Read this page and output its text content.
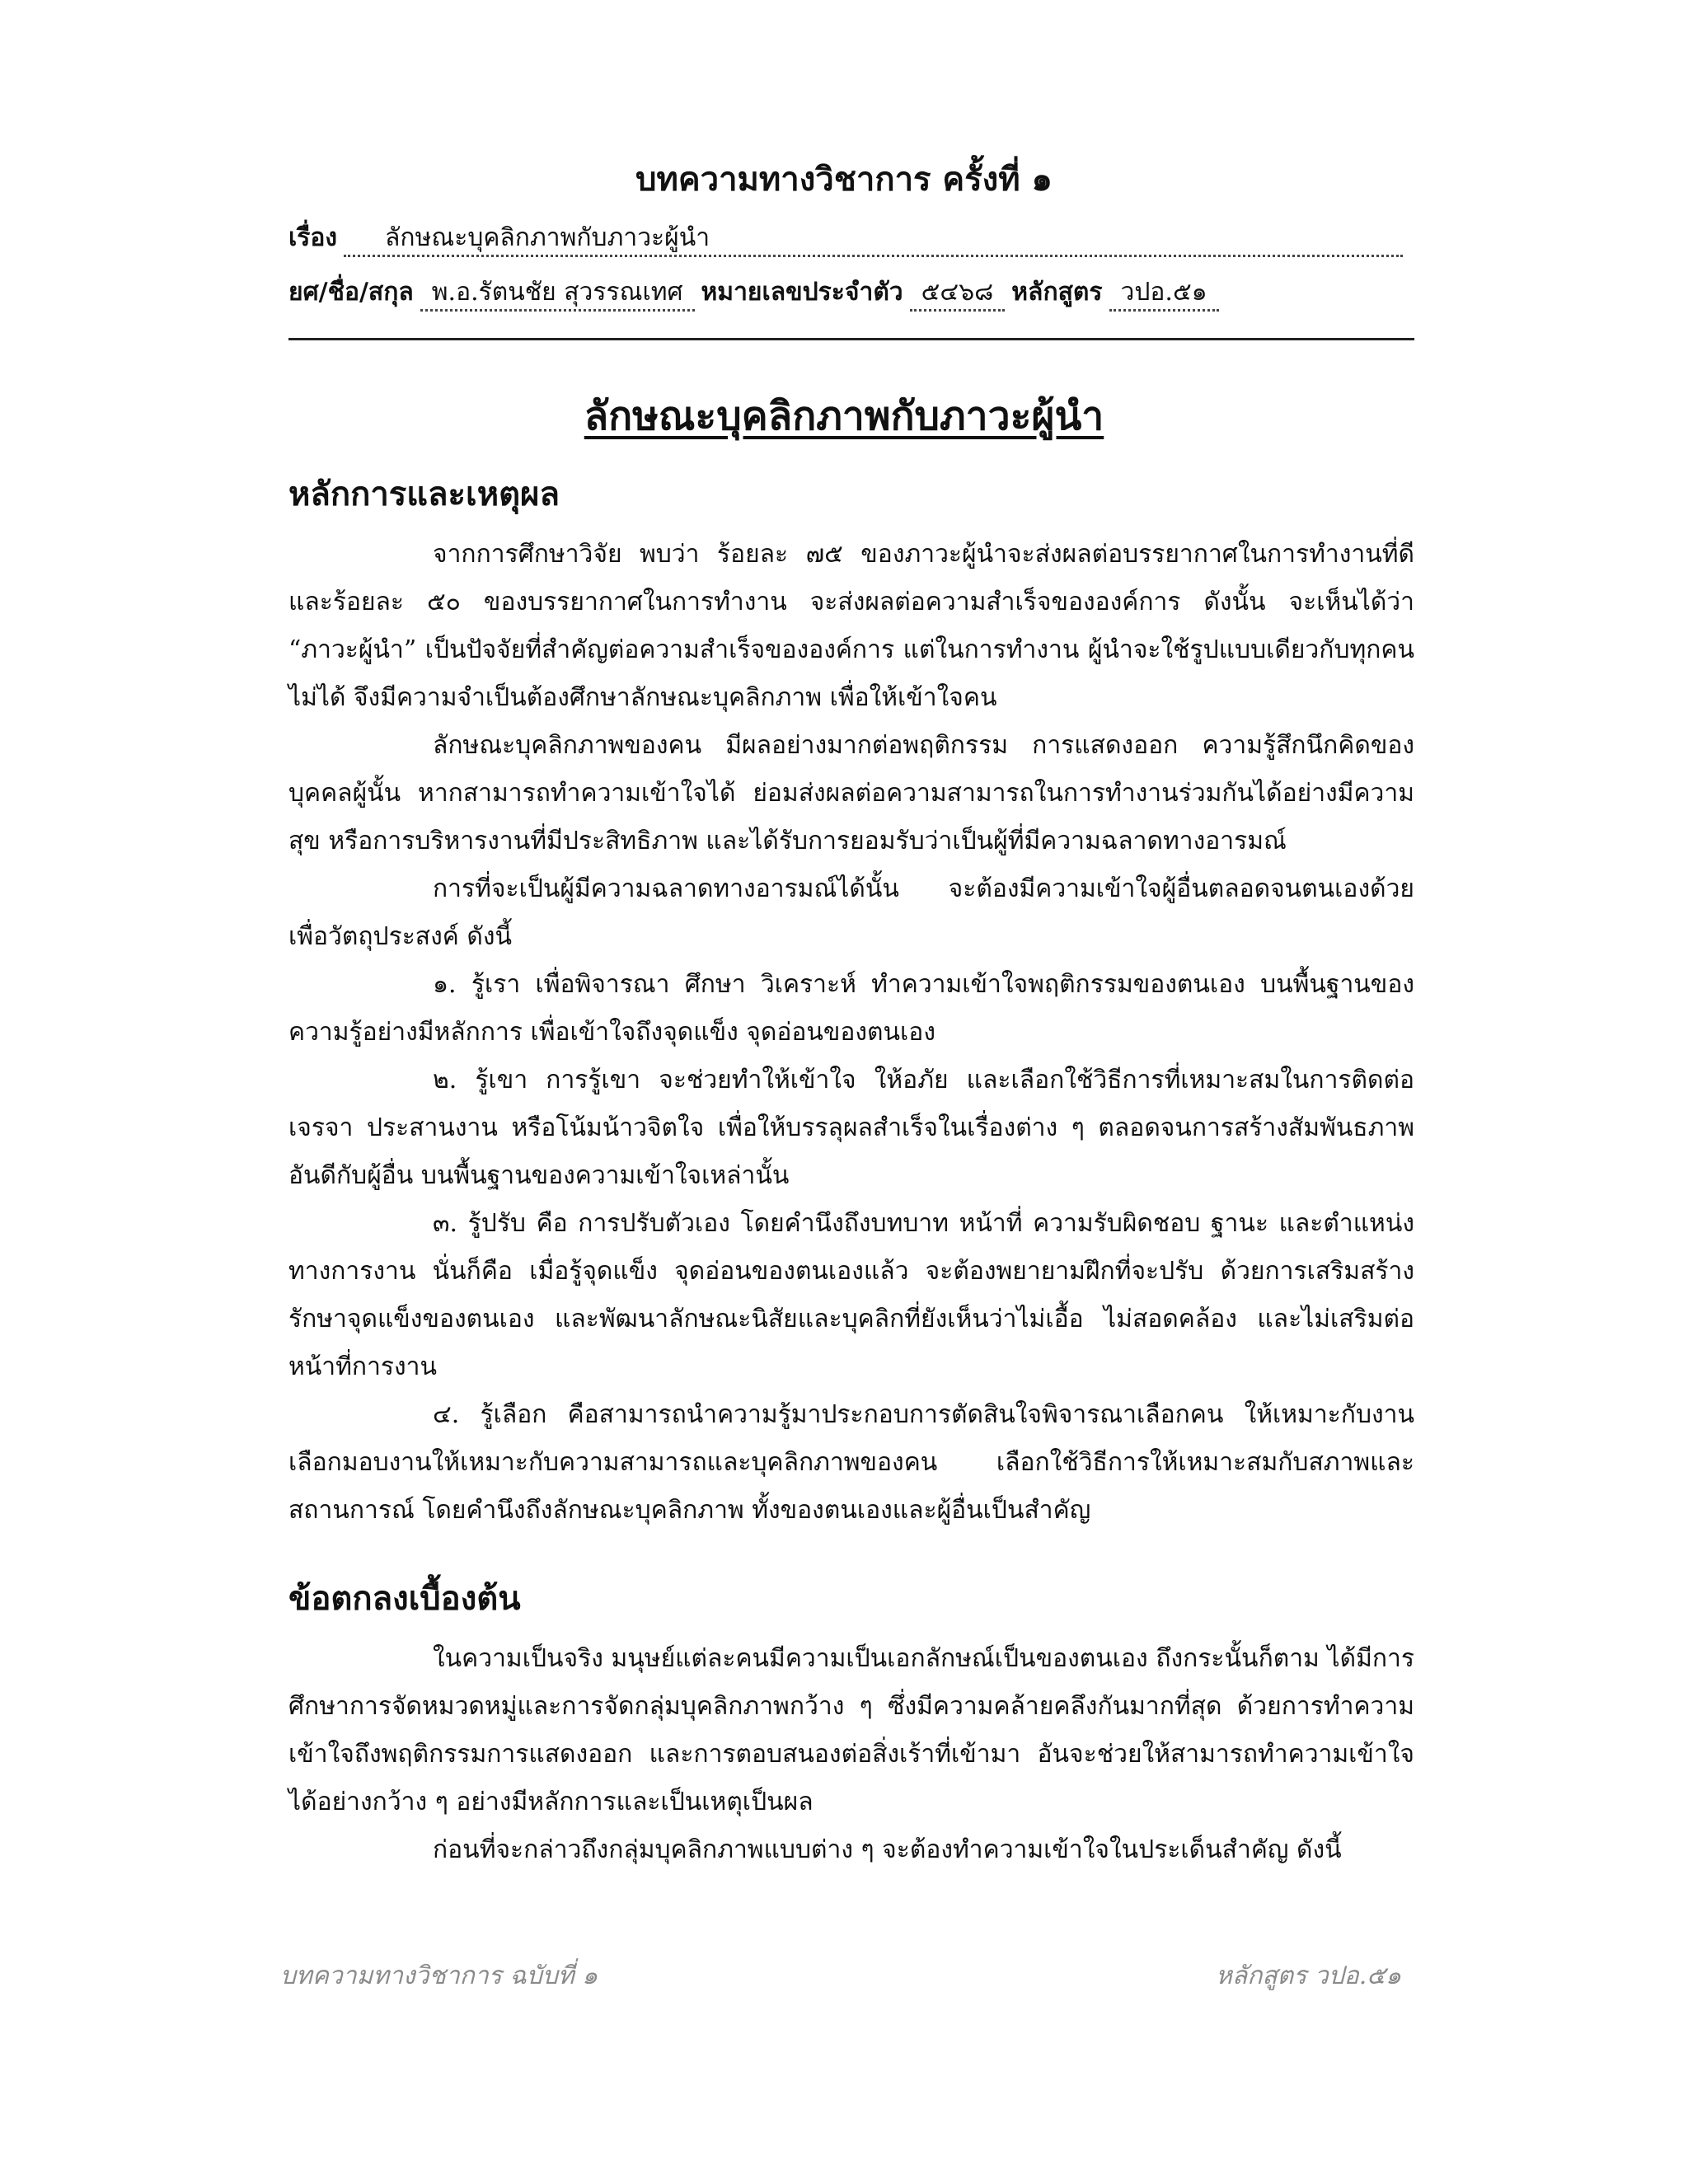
บทความทางวิชาการ ครั้งที่ ๑
เรื่อง	ลักษณะบุคลิกภาพกับภาวะผู้นำ
ยศ/ชื่อ/สกุล พ.อ.รัตนชัย สุวรรณเทศ หมายเลขประจำตัว ๕๔๖๘ หลักสูตร วปอ.๕๑
ลักษณะบุคลิกภาพกับภาวะผู้นำ
หลักการและเหตุผล

จากการศึกษาวิจัย พบว่า ร้อยละ ๗๕ ของภาวะผู้นำจะส่งผลต่อบรรยากาศในการทำงานที่ดี และร้อยละ ๕๐ ของบรรยากาศในการทำงาน จะส่งผลต่อความสำเร็จขององค์การ ดังนั้น จะเห็นได้ว่า “ภาวะผู้นำ” เป็นปัจจัยที่สำคัญต่อความสำเร็จขององค์การ แต่ในการทำงาน ผู้นำจะใช้รูปแบบเดียวกับทุกคนไม่ได้ จึงมีความจำเป็นต้องศึกษาลักษณะบุคลิกภาพ เพื่อให้เข้าใจคน

ลักษณะบุคลิกภาพของคน มีผลอย่างมากต่อพฤติกรรม การแสดงออก ความรู้สึกนึกคิดของบุคคลผู้นั้น หากสามารถทำความเข้าใจได้ ย่อมส่งผลต่อความสามารถในการทำงานร่วมกันได้อย่างมีความสุข หรือการบริหารงานที่มีประสิทธิภาพ และได้รับการยอมรับว่าเป็นผู้ที่มีความฉลาดทางอารมณ์

การที่จะเป็นผู้มีความฉลาดทางอารมณ์ได้นั้น จะต้องมีความเข้าใจผู้อื่นตลอดจนตนเองด้วย เพื่อวัตถุประสงค์ ดังนี้

๑. รู้เรา เพื่อพิจารณา ศึกษา วิเคราะห์ ทำความเข้าใจพฤติกรรมของตนเอง บนพื้นฐานของความรู้อย่างมีหลักการ เพื่อเข้าใจถึงจุดแข็ง จุดอ่อนของตนเอง

๒. รู้เขา การรู้เขา จะช่วยทำให้เข้าใจ ให้อภัย และเลือกใช้วิธีการที่เหมาะสมในการติดต่อ เจรจา ประสานงาน หรือโน้มน้าวจิตใจ เพื่อให้บรรลุผลสำเร็จในเรื่องต่าง ๆ ตลอดจนการสร้างสัมพันธภาพอันดีกับผู้อื่น บนพื้นฐานของความเข้าใจเหล่านั้น

๓. รู้ปรับ คือ การปรับตัวเอง โดยคำนึงถึงบทบาท หน้าที่ ความรับผิดชอบ ฐานะ และตำแหน่งทางการงาน นั่นก็คือ เมื่อรู้จุดแข็ง จุดอ่อนของตนเองแล้ว จะต้องพยายามฝึกที่จะปรับ ด้วยการเสริมสร้างรักษาจุดแข็งของตนเอง และพัฒนาลักษณะนิสัยและบุคลิกที่ยังเห็นว่าไม่เอื้อ ไม่สอดคล้อง และไม่เสริมต่อหน้าที่การงาน

๔. รู้เลือก คือสามารถนำความรู้มาประกอบการตัดสินใจพิจารณาเลือกคน ให้เหมาะกับงาน เลือกมอบงานให้เหมาะกับความสามารถและบุคลิกภาพของคน เลือกใช้วิธีการให้เหมาะสมกับสภาพและสถานการณ์ โดยคำนึงถึงลักษณะบุคลิกภาพ ทั้งของตนเองและผู้อื่นเป็นสำคัญ

ข้อตกลงเบื้องต้น

ในความเป็นจริง มนุษย์แต่ละคนมีความเป็นเอกลักษณ์เป็นของตนเอง ถึงกระนั้นก็ตาม ได้มีการศึกษาการจัดหมวดหมู่และการจัดกลุ่มบุคลิกภาพกว้าง ๆ ซึ่งมีความคล้ายคลึงกันมากที่สุด ด้วยการทำความเข้าใจถึงพฤติกรรมการแสดงออก และการตอบสนองต่อสิ่งเร้าที่เข้ามา อันจะช่วยให้สามารถทำความเข้าใจได้อย่างกว้าง ๆ อย่างมีหลักการและเป็นเหตุเป็นผล

ก่อนที่จะกล่าวถึงกลุ่มบุคลิกภาพแบบต่าง ๆ จะต้องทำความเข้าใจในประเด็นสำคัญ ดังนี้

บทความทางวิชาการ ฉบับที่ ๑	หลักสูตร วปอ.๕๑
